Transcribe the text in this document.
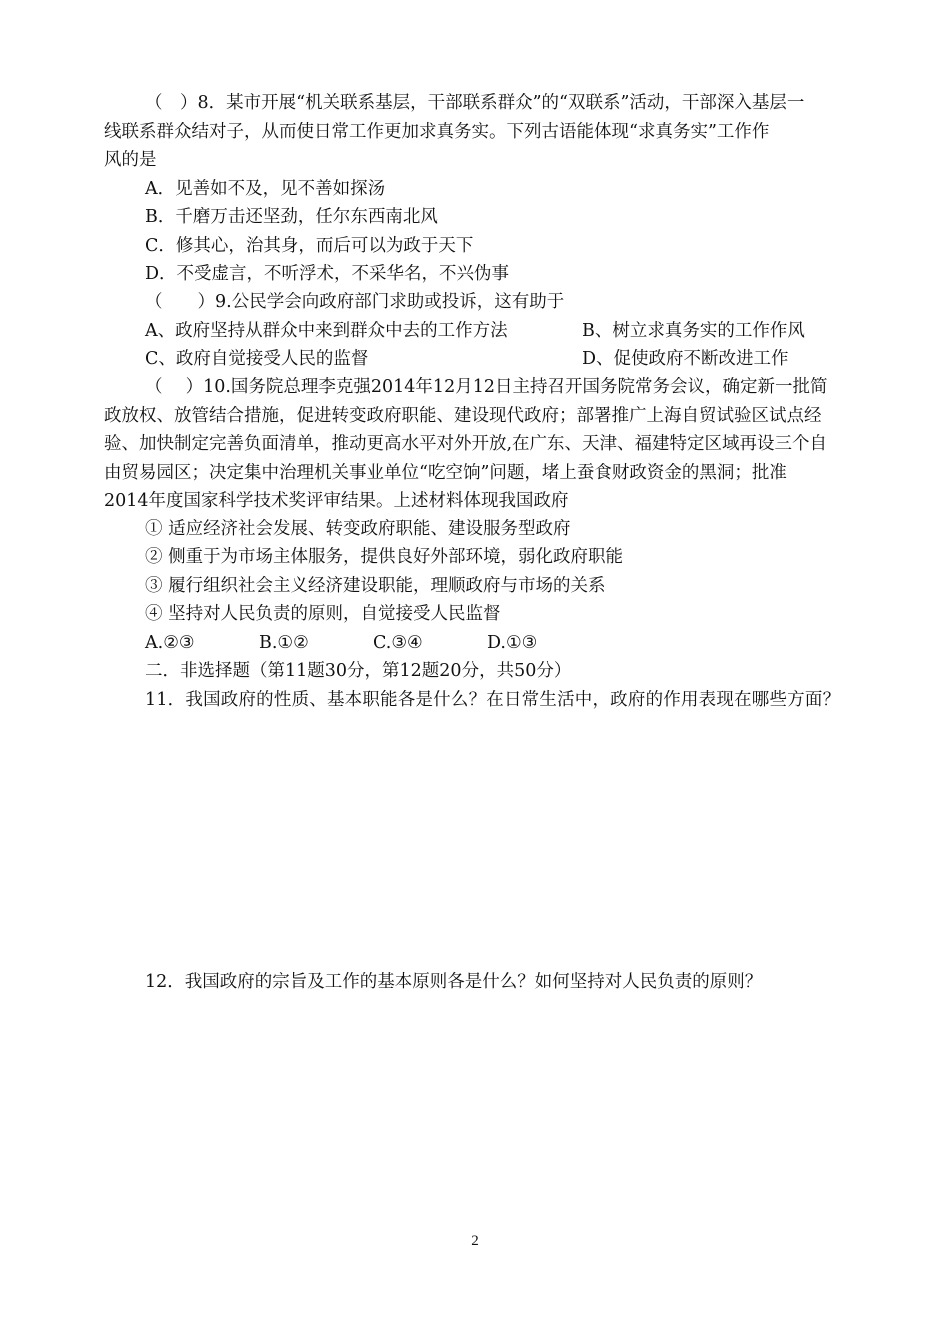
（　）8．某市开展“机关联系基层，干部联系群众”的“双联系”活动，干部深入基层一
线联系群众结对子，从而使日常工作更加求真务实。下列古语能体现“求真务实”工作作
风的是
A．见善如不及，见不善如探汤
B．千磨万击还坚劲，任尔东西南北风
C．修其心，治其身，而后可以为政于天下
D．不受虚言，不听浮术，不采华名，不兴伪事
（　　）9.公民学会向政府部门求助或投诉，这有助于
A、政府坚持从群众中来到群众中去的工作方法	B、树立求真务实的工作作风
C、政府自觉接受人民的监督	D、促使政府不断改进工作
（　 ）10.国务院总理李克强2014年12月12日主持召开国务院常务会议，确定新一批简
政放权、放管结合措施，促进转变政府职能、建设现代政府；部署推广上海自贸试验区试点经
验、加快制定完善负面清单，推动更高水平对外开放,在广东、天津、福建特定区域再设三个自
由贸易园区；决定集中治理机关事业单位“吃空饷”问题，堵上蚕食财政资金的黑洞；批准
2014年度国家科学技术奖评审结果。上述材料体现我国政府
① 适应经济社会发展、转变政府职能、建设服务型政府
② 侧重于为市场主体服务，提供良好外部环境，弱化政府职能
③ 履行组织社会主义经济建设职能，理顺政府与市场的关系
④ 坚持对人民负责的原则，自觉接受人民监督
A.②③	B.①②	C.③④	D.①③
二．非选择题（第11题30分，第12题20分，共50分）
11．我国政府的性质、基本职能各是什么？在日常生活中，政府的作用表现在哪些方面？
12．我国政府的宗旨及工作的基本原则各是什么？如何坚持对人民负责的原则？
2
